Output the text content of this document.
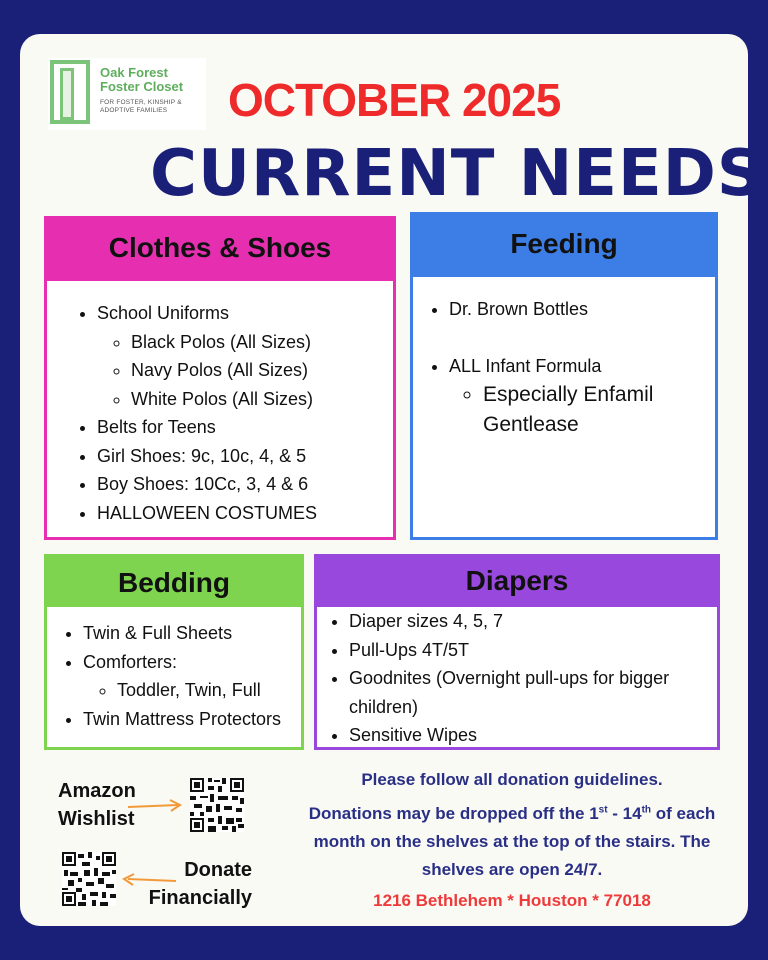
Oak Forest
Foster Closet
FOR FOSTER, KINSHIP & ADOPTIVE FAMILIES	OCTOBER 2025
CURRENT NEEDS
Clothes & Shoes
• School Uniforms
◦ Black Polos (All Sizes)
◦ Navy Polos (All Sizes)
◦ White Polos (All Sizes)
• Belts for Teens
• Girl Shoes: 9c, 10c, 4, & 5
• Boy Shoes: 10Cc, 3, 4 & 6
• HALLOWEEN COSTUMES
Feeding
• Dr. Brown Bottles
• ALL Infant Formula
◦ Especially Enfamil
Gentlease
Bedding
• Twin & Full Sheets
• Comforters:
◦ Toddler, Twin, Full
• Twin Mattress Protectors
Diapers
• Diaper sizes 4, 5, 7
• Pull-Ups 4T/5T
• Goodnites (Overnight pull-ups for bigger children)
• Sensitive Wipes
Amazon
Wishlist
Donate
Financially
Please follow all donation guidelines.
Donations may be dropped off the 1st - 14th of each month on the shelves at the top of the stairs. The shelves are open 24/7.
1216 Bethlehem * Houston * 77018
